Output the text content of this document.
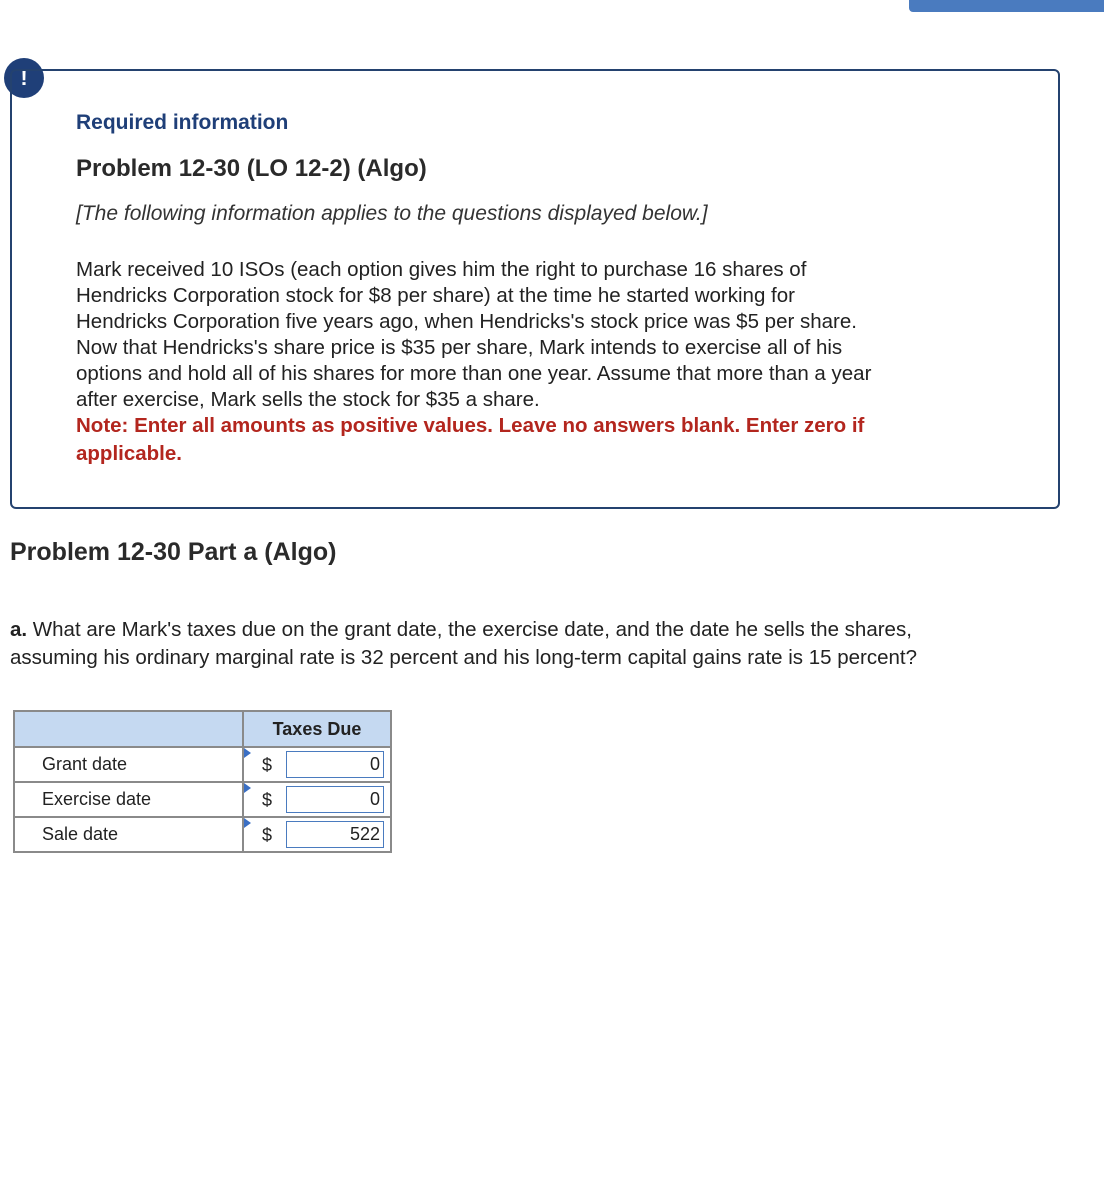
!
Required information
Problem 12-30 (LO 12-2) (Algo)
[The following information applies to the questions displayed below.]
Mark received 10 ISOs (each option gives him the right to purchase 16 shares of
Hendricks Corporation stock for $8 per share) at the time he started working for
Hendricks Corporation five years ago, when Hendricks's stock price was $5 per share.
Now that Hendricks's share price is $35 per share, Mark intends to exercise all of his
options and hold all of his shares for more than one year. Assume that more than a year
after exercise, Mark sells the stock for $35 a share.
Note: Enter all amounts as positive values. Leave no answers blank. Enter zero if
applicable.
Problem 12-30 Part a (Algo)
a. What are Mark's taxes due on the grant date, the exercise date, and the date he sells the shares,
assuming his ordinary marginal rate is 32 percent and his long-term capital gains rate is 15 percent?
	Taxes Due
Grant date	$
0

Exercise date	$
0

Sale date	$
522
